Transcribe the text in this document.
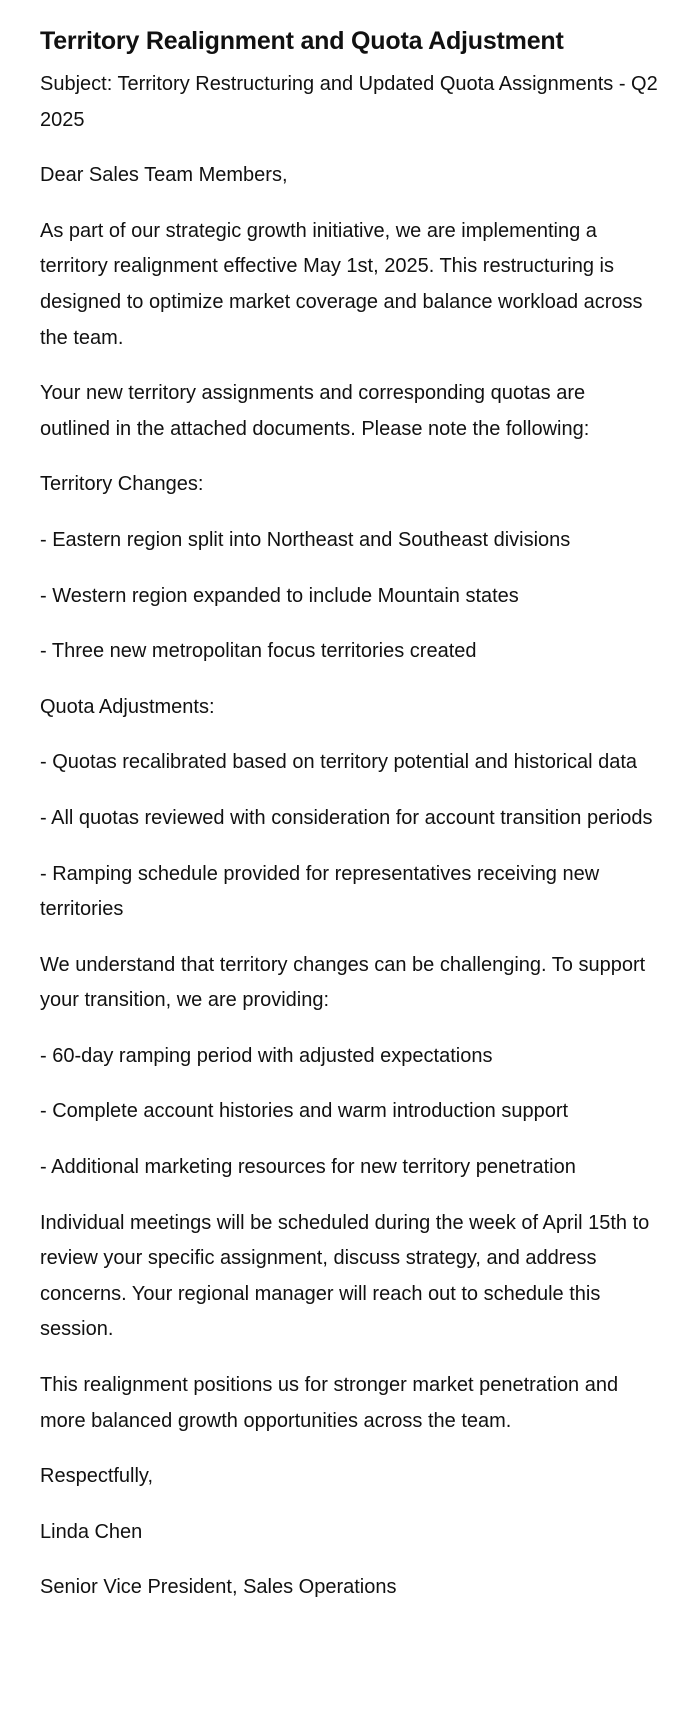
Territory Realignment and Quota Adjustment

Subject: Territory Restructuring and Updated Quota Assignments - Q2 2025

Dear Sales Team Members,

As part of our strategic growth initiative, we are implementing a territory realignment effective May 1st, 2025. This restructuring is designed to optimize market coverage and balance workload across the team.

Your new territory assignments and corresponding quotas are outlined in the attached documents. Please note the following:

Territory Changes:

- Eastern region split into Northeast and Southeast divisions

- Western region expanded to include Mountain states

- Three new metropolitan focus territories created

Quota Adjustments:

- Quotas recalibrated based on territory potential and historical data

- All quotas reviewed with consideration for account transition periods

- Ramping schedule provided for representatives receiving new territories

We understand that territory changes can be challenging. To support your transition, we are providing:

- 60-day ramping period with adjusted expectations

- Complete account histories and warm introduction support

- Additional marketing resources for new territory penetration

Individual meetings will be scheduled during the week of April 15th to review your specific assignment, discuss strategy, and address concerns. Your regional manager will reach out to schedule this session.

This realignment positions us for stronger market penetration and more balanced growth opportunities across the team.

Respectfully,

Linda Chen

Senior Vice President, Sales Operations
